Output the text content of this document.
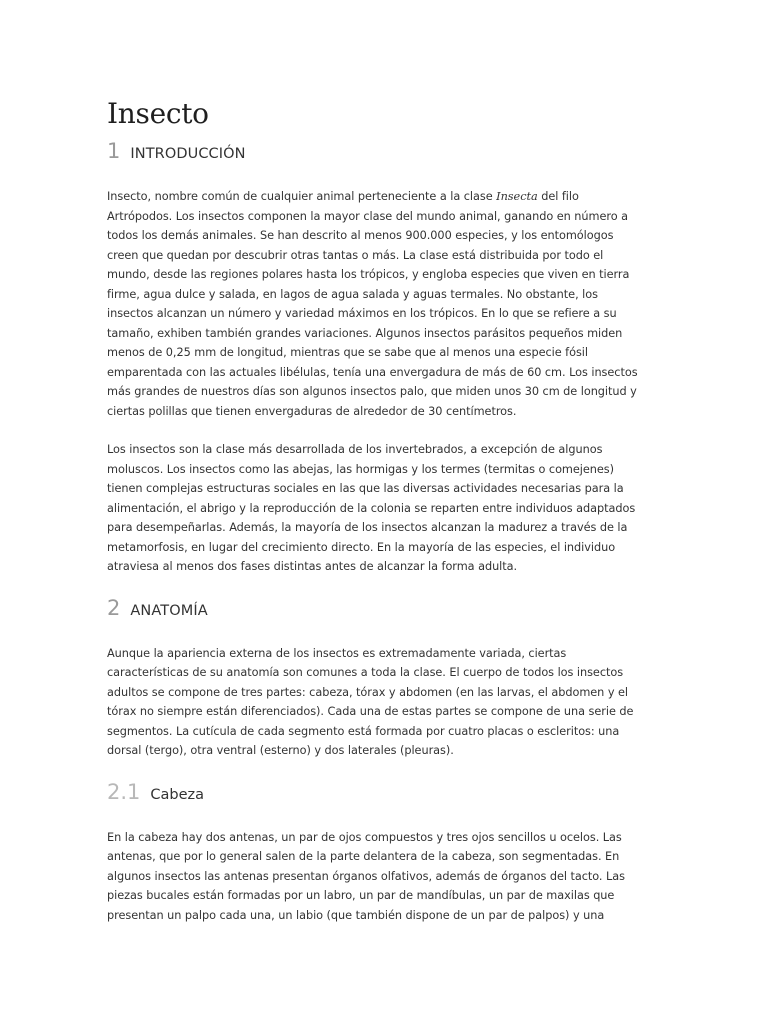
Insecto
1 INTRODUCCIÓN

Insecto, nombre común de cualquier animal perteneciente a la clase Insecta del filo Artrópodos. Los insectos componen la mayor clase del mundo animal, ganando en número a todos los demás animales. Se han descrito al menos 900.000 especies, y los entomólogos creen que quedan por descubrir otras tantas o más. La clase está distribuida por todo el mundo, desde las regiones polares hasta los trópicos, y engloba especies que viven en tierra firme, agua dulce y salada, en lagos de agua salada y aguas termales. No obstante, los insectos alcanzan un número y variedad máximos en los trópicos. En lo que se refiere a su tamaño, exhiben también grandes variaciones. Algunos insectos parásitos pequeños miden menos de 0,25 mm de longitud, mientras que se sabe que al menos una especie fósil emparentada con las actuales libélulas, tenía una envergadura de más de 60 cm. Los insectos más grandes de nuestros días son algunos insectos palo, que miden unos 30 cm de longitud y ciertas polillas que tienen envergaduras de alrededor de 30 centímetros.

Los insectos son la clase más desarrollada de los invertebrados, a excepción de algunos moluscos. Los insectos como las abejas, las hormigas y los termes (termitas o comejenes) tienen complejas estructuras sociales en las que las diversas actividades necesarias para la alimentación, el abrigo y la reproducción de la colonia se reparten entre individuos adaptados para desempeñarlas. Además, la mayoría de los insectos alcanzan la madurez a través de la metamorfosis, en lugar del crecimiento directo. En la mayoría de las especies, el individuo atraviesa al menos dos fases distintas antes de alcanzar la forma adulta.

2 ANATOMÍA

Aunque la apariencia externa de los insectos es extremadamente variada, ciertas características de su anatomía son comunes a toda la clase. El cuerpo de todos los insectos adultos se compone de tres partes: cabeza, tórax y abdomen (en las larvas, el abdomen y el tórax no siempre están diferenciados). Cada una de estas partes se compone de una serie de segmentos. La cutícula de cada segmento está formada por cuatro placas o escleritos: una dorsal (tergo), otra ventral (esterno) y dos laterales (pleuras).

2.1 Cabeza

En la cabeza hay dos antenas, un par de ojos compuestos y tres ojos sencillos u ocelos. Las antenas, que por lo general salen de la parte delantera de la cabeza, son segmentadas. En algunos insectos las antenas presentan órganos olfativos, además de órganos del tacto. Las piezas bucales están formadas por un labro, un par de mandíbulas, un par de maxilas que presentan un palpo cada una, un labio (que también dispone de un par de palpos) y una
